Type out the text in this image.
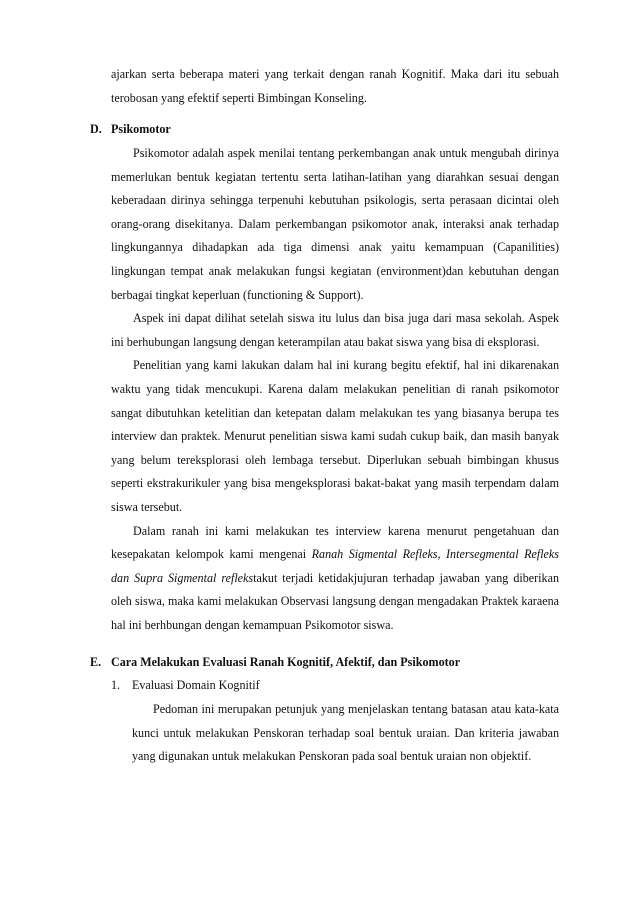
ajarkan serta beberapa materi yang terkait dengan ranah Kognitif. Maka dari itu sebuah terobosan yang efektif seperti Bimbingan Konseling.

D. Psikomotor

Psikomotor adalah aspek menilai tentang perkembangan anak untuk mengubah dirinya memerlukan bentuk kegiatan tertentu serta latihan-latihan yang diarahkan sesuai dengan keberadaan dirinya sehingga terpenuhi kebutuhan psikologis, serta perasaan dicintai oleh orang-orang disekitanya. Dalam perkembangan psikomotor anak, interaksi anak terhadap lingkungannya dihadapkan ada tiga dimensi anak yaitu kemampuan (Capanilities) lingkungan tempat anak melakukan fungsi kegiatan (environment)dan kebutuhan dengan berbagai tingkat keperluan (functioning & Support).

Aspek ini dapat dilihat setelah siswa itu lulus dan bisa juga dari masa sekolah. Aspek ini berhubungan langsung dengan keterampilan atau bakat siswa yang bisa di eksplorasi.

Penelitian yang kami lakukan dalam hal ini kurang begitu efektif, hal ini dikarenakan waktu yang tidak mencukupi. Karena dalam melakukan penelitian di ranah psikomotor sangat dibutuhkan ketelitian dan ketepatan dalam melakukan tes yang biasanya berupa tes interview dan praktek. Menurut penelitian siswa kami sudah cukup baik, dan masih banyak yang belum tereksplorasi oleh lembaga tersebut. Diperlukan sebuah bimbingan khusus seperti ekstrakurikuler yang bisa mengeksplorasi bakat-bakat yang masih terpendam dalam siswa tersebut.

Dalam ranah ini kami melakukan tes interview karena menurut pengetahuan dan kesepakatan kelompok kami mengenai Ranah Sigmental Refleks, Intersegmental Refleks dan Supra Sigmental reflekstakut terjadi ketidakjujuran terhadap jawaban yang diberikan oleh siswa, maka kami melakukan Observasi langsung dengan mengadakan Praktek karaena hal ini berhbungan dengan kemampuan Psikomotor siswa.

E. Cara Melakukan Evaluasi Ranah Kognitif, Afektif, dan Psikomotor
1. Evaluasi Domain Kognitif

Pedoman ini merupakan petunjuk yang menjelaskan tentang batasan atau kata-kata kunci untuk melakukan Penskoran terhadap soal bentuk uraian. Dan kriteria jawaban yang digunakan untuk melakukan Penskoran pada soal bentuk uraian non objektif.
